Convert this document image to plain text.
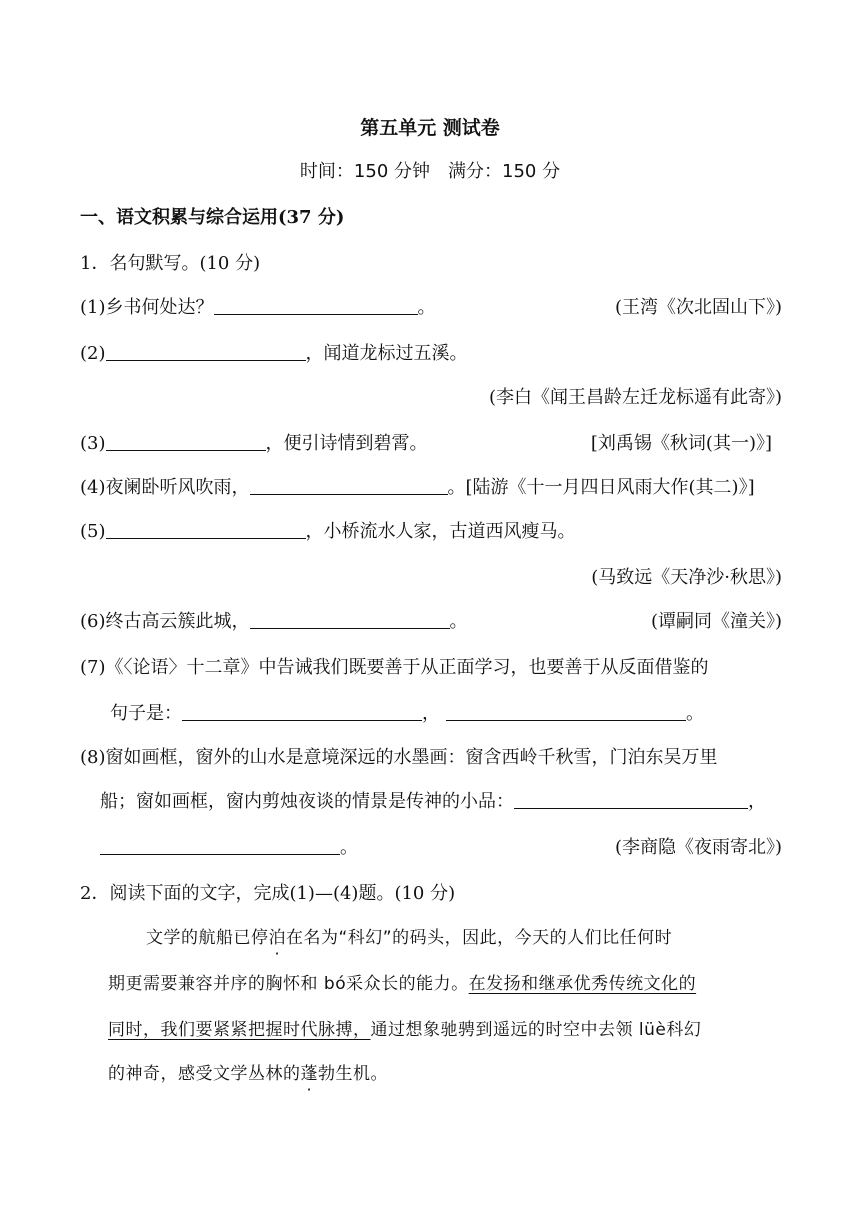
第五单元 测试卷
时间：150 分钟　满分：150 分
一、语文积累与综合运用(37 分)
1．名句默写。(10 分)
(1)乡书何处达？	。	(王湾《次北固山下》)
(2)	，闻道龙标过五溪。
(李白《闻王昌龄左迁龙标遥有此寄》)
(3)	，便引诗情到碧霄。	[刘禹锡《秋词(其一)》]
(4)夜阑卧听风吹雨，	。[陆游《十一月四日风雨大作(其二)》]
(5)	，小桥流水人家，古道西风瘦马。
(马致远《天净沙·秋思》)
(6)终古高云簇此城，	。	(谭嗣同《潼关》)
(7)《〈论语〉十二章》中告诫我们既要善于从正面学习，也要善于从反面借鉴的
句子是：	，	。
(8)窗如画框，窗外的山水是意境深远的水墨画：窗含西岭千秋雪，门泊东吴万里
船；窗如画框，窗内剪烛夜谈的情景是传神的小品：	，
。	(李商隐《夜雨寄北》)
2．阅读下面的文字，完成(1)—(4)题。(10 分)
文学的航船已停泊在名为“科幻”的码头，因此，今天的人们比任何时
期更需要兼容并序的胸怀和 bó采众长的能力。在发扬和继承优秀传统文化的
同时，我们要紧紧把握时代脉搏，通过想象驰骋到遥远的时空中去领 lüè科幻
的神奇，感受文学丛林的蓬勃生机。
